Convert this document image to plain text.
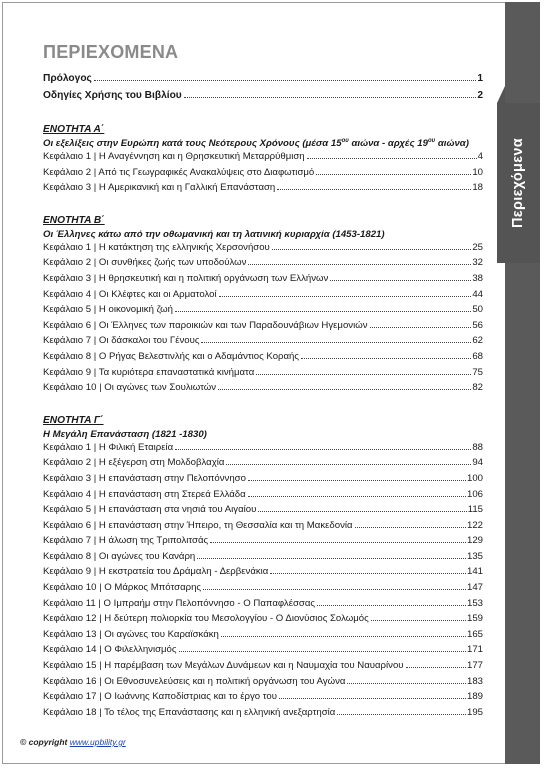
Περιεχόμενα
ΠΕΡΙΕΧΟΜΕΝΑ
Πρόλογος	1
Οδηγίες Χρήσης του Βιβλίου	2
ΕΝΟΤΗΤΑ Α΄
Οι εξελίξεις στην Ευρώπη κατά τους Νεότερους Χρόνους (μέσα $15^{o\upsilon}$ αιώνα - αρχές $19^{o\upsilon}$ αιώνα)
Κεφάλαιο 1 | Η Αναγέννηση και η Θρησκευτική Μεταρρύθμιση	4
Κεφάλαιο 2 | Από τις Γεωγραφικές Ανακαλύψεις στο Διαφωτισμό	10
Κεφάλαιο 3 | Η Αμερικανική και η Γαλλική Επανάσταση	18
ΕΝΟΤΗΤΑ Β΄
Οι Έλληνες κάτω από την οθωμανική και τη λατινική κυριαρχία (1453-1821)
Κεφάλαιο 1 | Η κατάκτηση της ελληνικής Χερσονήσου	25
Κεφάλαιο 2 | Οι συνθήκες ζωής των υποδούλων	32
Κεφάλαιο 3 | Η θρησκευτική και η πολιτική οργάνωση των Ελλήνων	38
Κεφάλαιο 4 | Οι Κλέφτες και οι Αρματολοί	44
Κεφάλαιο 5 | Η οικονομική ζωή	50
Κεφάλαιο 6 | Οι Έλληνες των παροικιών και των Παραδουνάβιων Ηγεμονιών	56
Κεφάλαιο 7 | Οι δάσκαλοι του Γένους	62
Κεφάλαιο 8 | Ο Ρήγας Βελεστινλής και ο Αδαμάντιος Κοραής	68
Κεφάλαιο 9 | Τα κυριότερα επαναστατικά κινήματα	75
Κεφάλαιο 10 | Οι αγώνες των Σουλιωτών	82
ΕΝΟΤΗΤΑ Γ΄
Η Μεγάλη Επανάσταση (1821 -1830)
Κεφάλαιο 1 | Η Φιλική Εταιρεία	88
Κεφάλαιο 2 | Η εξέγερση στη Μολδοβλαχία	94
Κεφάλαιο 3 | Η επανάσταση στην Πελοπόννησο	100
Κεφάλαιο 4 | Η επανάσταση στη Στερεά Ελλάδα	106
Κεφάλαιο 5 | Η επανάσταση στα νησιά του Αιγαίου	115
Κεφάλαιο 6 | Η επανάσταση στην Ήπειρο, τη Θεσσαλία και τη Μακεδονία	122
Κεφάλαιο 7 | Η άλωση της Τριπολιτσάς	129
Κεφάλαιο 8 | Οι αγώνες του Κανάρη	135
Κεφάλαιο 9 | Η εκστρατεία του Δράμαλη - Δερβενάκια	141
Κεφάλαιο 10 | Ο Μάρκος Μπότσαρης	147
Κεφάλαιο 11 | Ο Ιμπραήμ στην Πελοπόννησο - Ο Παπαφλέσσας	153
Κεφάλαιο 12 | Η δεύτερη πολιορκία του Μεσολογγίου - Ο Διονύσιος Σολωμός	159
Κεφάλαιο 13 | Οι αγώνες του Καραϊσκάκη	165
Κεφάλαιο 14 | Ο Φιλελληνισμός	171
Κεφάλαιο 15 | Η παρέμβαση των Μεγάλων Δυνάμεων και η Ναυμαχία του Ναυαρίνου	177
Κεφάλαιο 16 | Οι Εθνοσυνελεύσεις και η πολιτική οργάνωση του Αγώνα	183
Κεφάλαιο 17 | Ο Ιωάννης Καποδίστριας και το έργο του	189
Κεφάλαιο 18 | Το τέλος της Επανάστασης και η ελληνική ανεξαρτησία	195
© copyright www.upbility.gr
